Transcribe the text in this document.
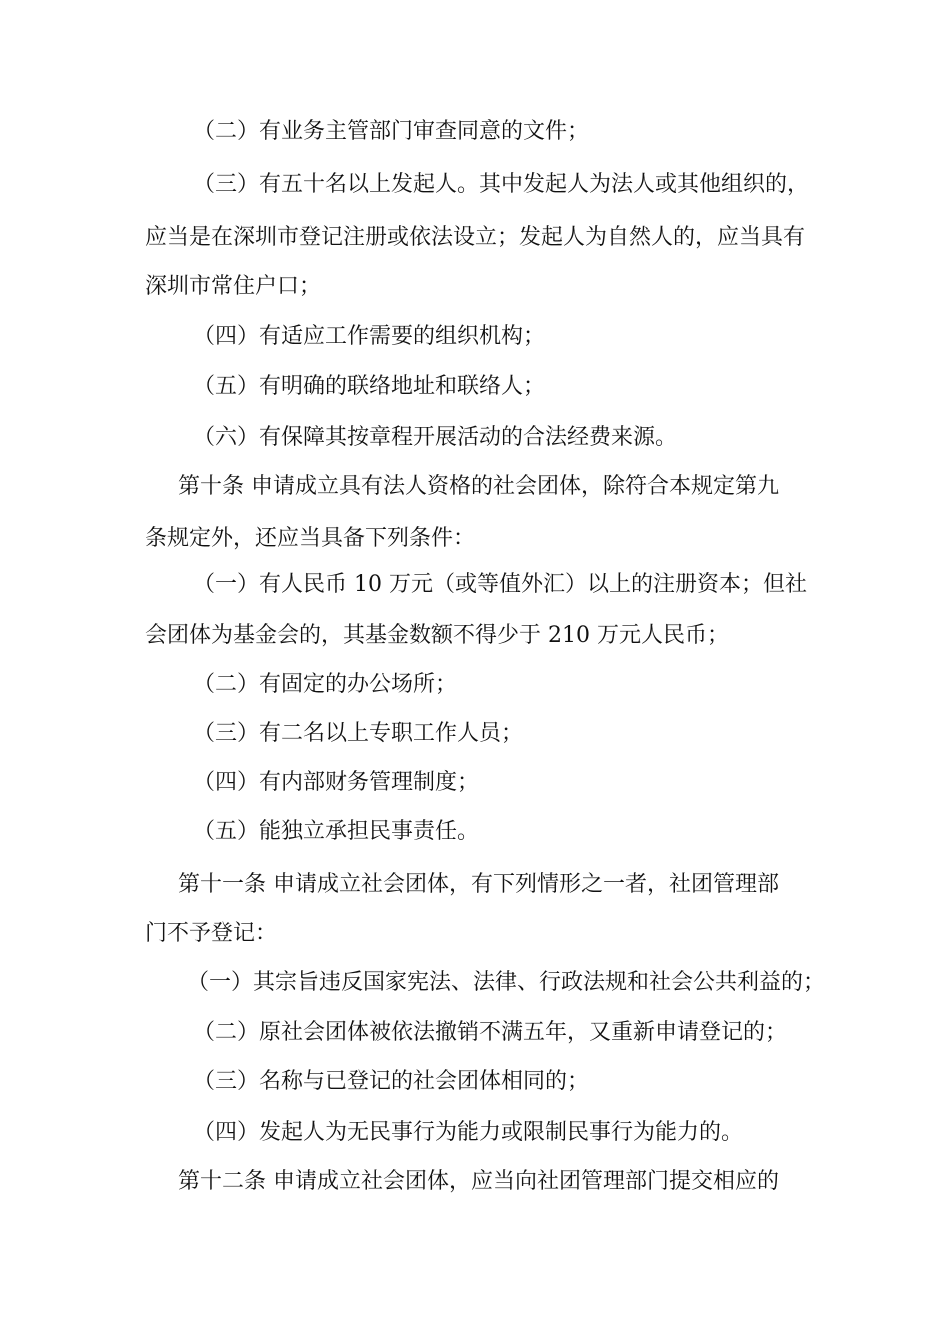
（二）有业务主管部门审查同意的文件；

（三）有五十名以上发起人。其中发起人为法人或其他组织的，

应当是在深圳市登记注册或依法设立；发起人为自然人的，应当具有

深圳市常住户口；

（四）有适应工作需要的组织机构；

（五）有明确的联络地址和联络人；

（六）有保障其按章程开展活动的合法经费来源。

第十条 申请成立具有法人资格的社会团体，除符合本规定第九

条规定外，还应当具备下列条件：

（一）有人民币 10 万元（或等值外汇）以上的注册资本；但社

会团体为基金会的，其基金数额不得少于 210 万元人民币；

（二）有固定的办公场所；

（三）有二名以上专职工作人员；

（四）有内部财务管理制度；

（五）能独立承担民事责任。

第十一条 申请成立社会团体，有下列情形之一者，社团管理部

门不予登记：

（一）其宗旨违反国家宪法、法律、行政法规和社会公共利益的；

（二）原社会团体被依法撤销不满五年，又重新申请登记的；

（三）名称与已登记的社会团体相同的；

（四）发起人为无民事行为能力或限制民事行为能力的。

第十二条 申请成立社会团体，应当向社团管理部门提交相应的
